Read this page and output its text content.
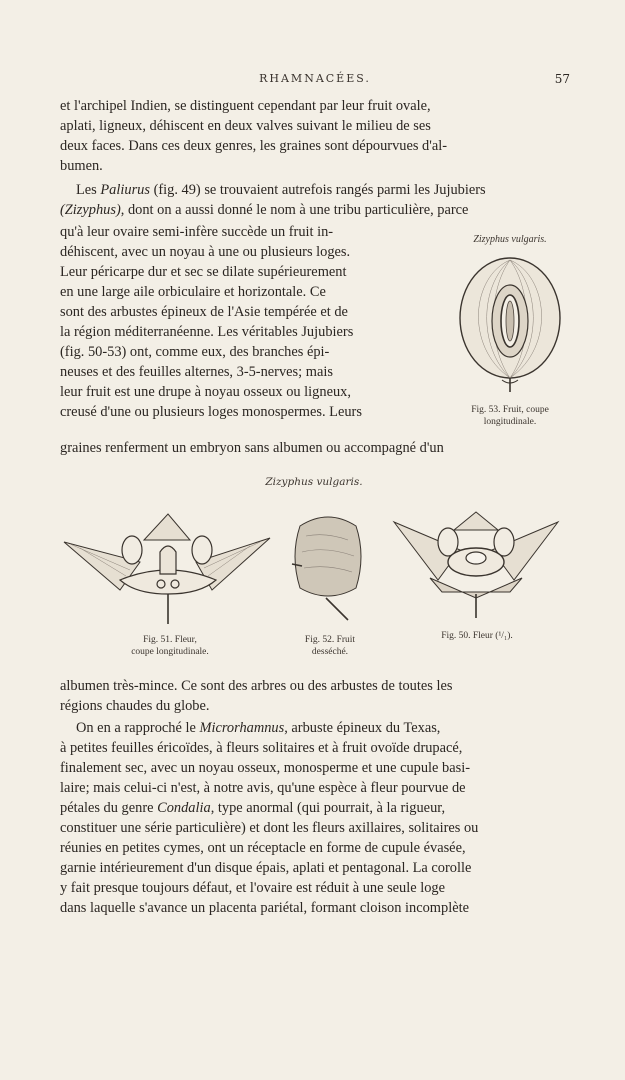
RHAMNACÉES.	57

et l'archipel Indien, se distinguent cependant par leur fruit ovale,

aplati, ligneux, déhiscent en deux valves suivant le milieu de ses

deux faces. Dans ces deux genres, les graines sont dépourvues d'al-

bumen.

Les Paliurus (fig. 49) se trouvaient autrefois rangés parmi les Jujubiers

(Zizyphus), dont on a aussi donné le nom à une tribu particulière, parce

qu'à leur ovaire semi-infère succède un fruit in-

déhiscent, avec un noyau à une ou plusieurs loges.

Leur péricarpe dur et sec se dilate supérieurement

en une large aile orbiculaire et horizontale. Ce

sont des arbustes épineux de l'Asie tempérée et de

la région méditerranéenne. Les véritables Jujubiers

(fig. 50-53) ont, comme eux, des branches épi-

neuses et des feuilles alternes, 3-5-nerves; mais

leur fruit est une drupe à noyau osseux ou ligneux,

creusé d'une ou plusieurs loges monospermes. Leurs

graines renferment un embryon sans albumen ou accompagné d'un

Zizyphus vulgaris.
Fig. 53. Fruit, coupe
longitudinale.
Zizyphus vulgaris.
Fig. 51. Fleur,
coupe longitudinale.
Fig. 52. Fruit
desséché.
Fig. 50. Fleur (¹/₁).

albumen très-mince. Ce sont des arbres ou des arbustes de toutes les

régions chaudes du globe.

On en a rapproché le Microrhamnus, arbuste épineux du Texas,

à petites feuilles éricoïdes, à fleurs solitaires et à fruit ovoïde drupacé,

finalement sec, avec un noyau osseux, monosperme et une cupule basi-

laire; mais celui-ci n'est, à notre avis, qu'une espèce à fleur pourvue de

pétales du genre Condalia, type anormal (qui pourrait, à la rigueur,

constituer une série particulière) et dont les fleurs axillaires, solitaires ou

réunies en petites cymes, ont un réceptacle en forme de cupule évasée,

garnie intérieurement d'un disque épais, aplati et pentagonal. La corolle

y fait presque toujours défaut, et l'ovaire est réduit à une seule loge

dans laquelle s'avance un placenta pariétal, formant cloison incomplète
